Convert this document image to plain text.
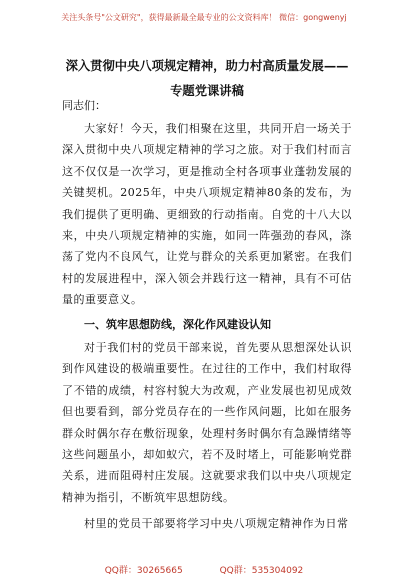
关注头条号"公文研究"，获得最新最全最专业的公文资料库！ 微信：gongwenyj
深入贯彻中央八项规定精神，助力村高质量发展——专题党课讲稿
同志们：
大家好！今天，我们相聚在这里，共同开启一场关于深入贯彻中央八项规定精神的学习之旅。对于我们村而言这不仅仅是一次学习，更是推动全村各项事业蓬勃发展的关键契机。2025年，中央八项规定精神80条的发布，为我们提供了更明确、更细致的行动指南。自党的十八大以来，中央八项规定精神的实施，如同一阵强劲的春风，涤荡了党内不良风气，让党与群众的关系更加紧密。在我们村的发展进程中，深入领会并践行这一精神，具有不可估量的重要意义。
一、筑牢思想防线，深化作风建设认知
对于我们村的党员干部来说，首先要从思想深处认识到作风建设的极端重要性。在过往的工作中，我们村取得了不错的成绩，村容村貌大为改观，产业发展也初见成效但也要看到，部分党员存在的一些作风问题，比如在服务群众时偶尔存在敷衍现象，处理村务时偶尔有急躁情绪等这些问题虽小，却如蚁穴，若不及时堵上，可能影响党群关系，进而阻碍村庄发展。这就要求我们以中央八项规定精神为指引，不断筑牢思想防线。
村里的党员干部要将学习中央八项规定精神作为日常
QQ群：30265665	QQ群：535304092
